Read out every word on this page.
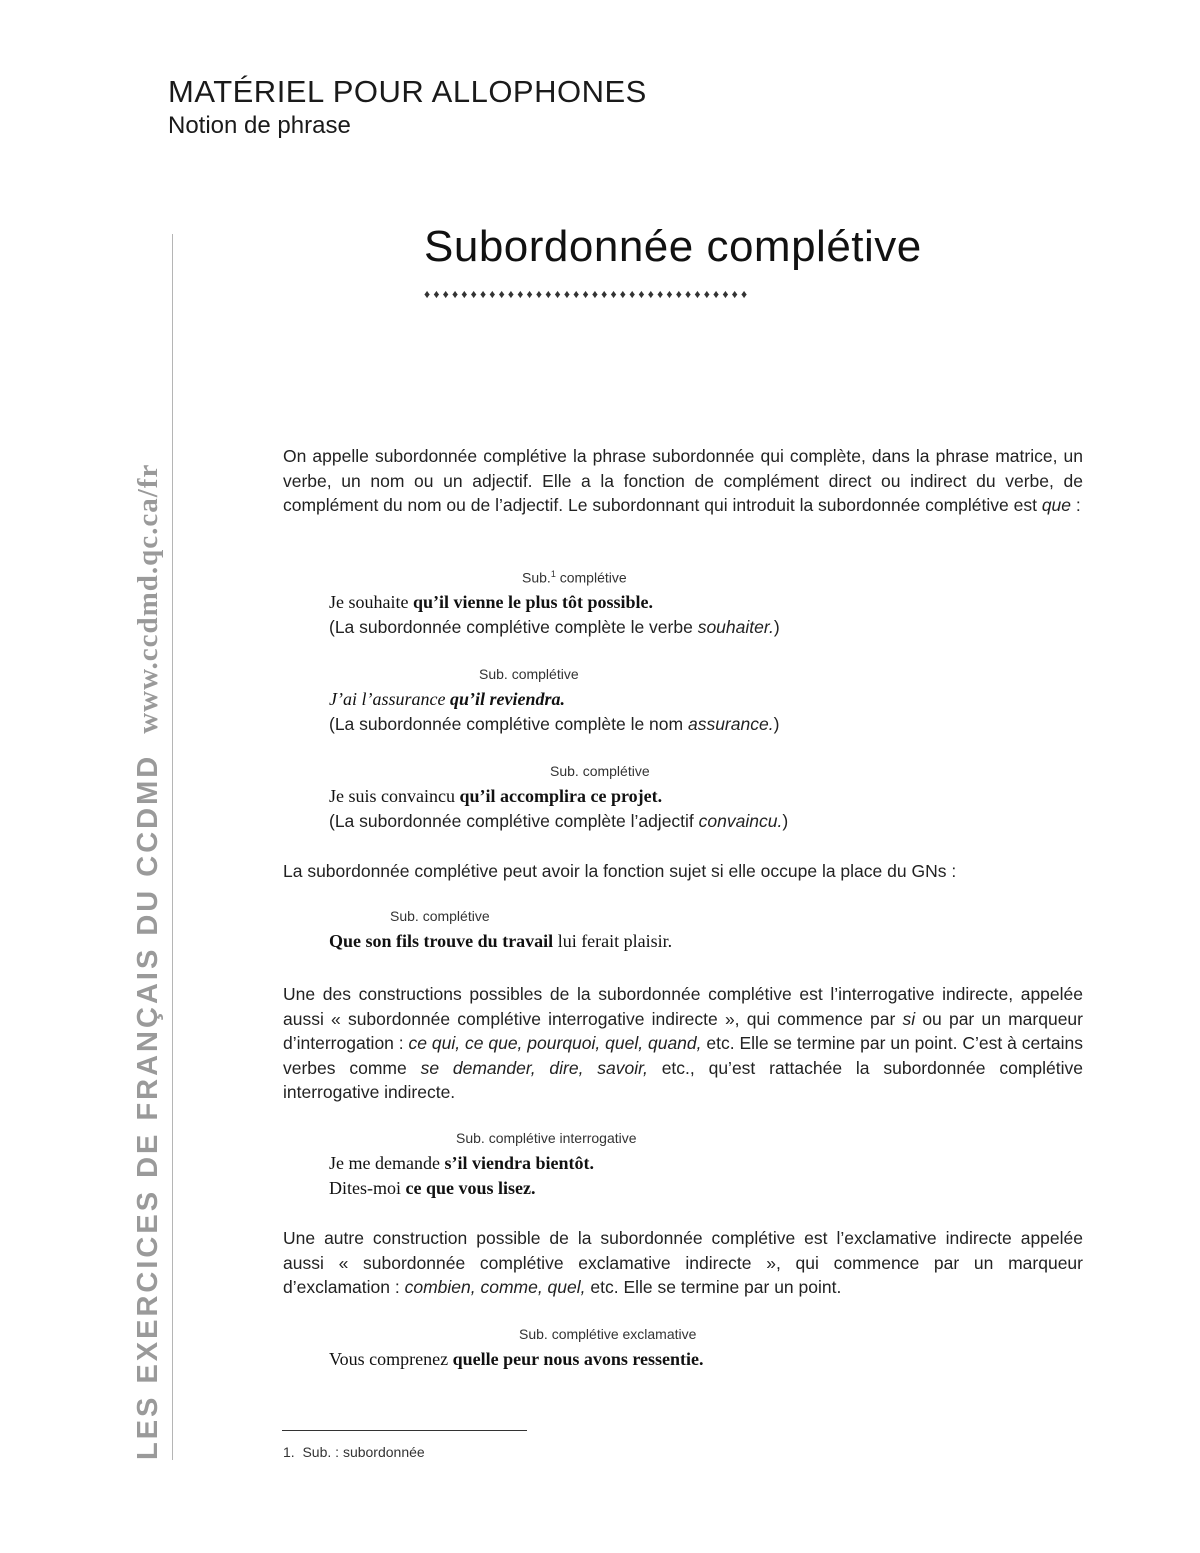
MATÉRIEL POUR ALLOPHONES
Notion de phrase
LES EXERCICES DE FRANÇAIS DU CCDMDwww.ccdmd.qc.ca/fr
Subordonnée complétive
♦♦♦♦♦♦♦♦♦♦♦♦♦♦♦♦♦♦♦♦♦♦♦♦♦♦♦♦♦♦♦♦♦♦♦

On appelle subordonnée complétive la phrase subordonnée qui complète, dans la phrase matrice, un verbe, un nom ou un adjectif. Elle a la fonction de complément direct ou indirect du verbe, de complément du nom ou de l’adjectif. Le subordonnant qui introduit la subordonnée complétive est que :

Sub.$^1$ complétive
Je souhaite qu’il vienne le plus tôt possible.
(La subordonnée complétive complète le verbe souhaiter.)
Sub. complétive
J’ai l’assurance qu’il reviendra.
(La subordonnée complétive complète le nom assurance.)
Sub. complétive
Je suis convaincu qu’il accomplira ce projet.
(La subordonnée complétive complète l’adjectif convaincu.)

La subordonnée complétive peut avoir la fonction sujet si elle occupe la place du GNs :

Sub. complétive
Que son fils trouve du travail lui ferait plaisir.

Une des constructions possibles de la subordonnée complétive est l’interrogative indirecte, appelée aussi « subordonnée complétive interrogative indirecte », qui commence par si ou par un marqueur d’interrogation : ce qui, ce que, pourquoi, quel, quand, etc. Elle se termine par un point. C’est à certains verbes comme se demander, dire, savoir, etc., qu’est rattachée la subordonnée complétive interrogative indirecte.

Sub. complétive interrogative
Je me demande s’il viendra bientôt.
Dites-moi ce que vous lisez.

Une autre construction possible de la subordonnée complétive est l’exclamative indirecte appelée aussi « subordonnée complétive exclamative indirecte », qui commence par un marqueur d’exclamation : combien, comme, quel, etc. Elle se termine par un point.

Sub. complétive exclamative
Vous comprenez quelle peur nous avons ressentie.
1. Sub. : subordonnée
